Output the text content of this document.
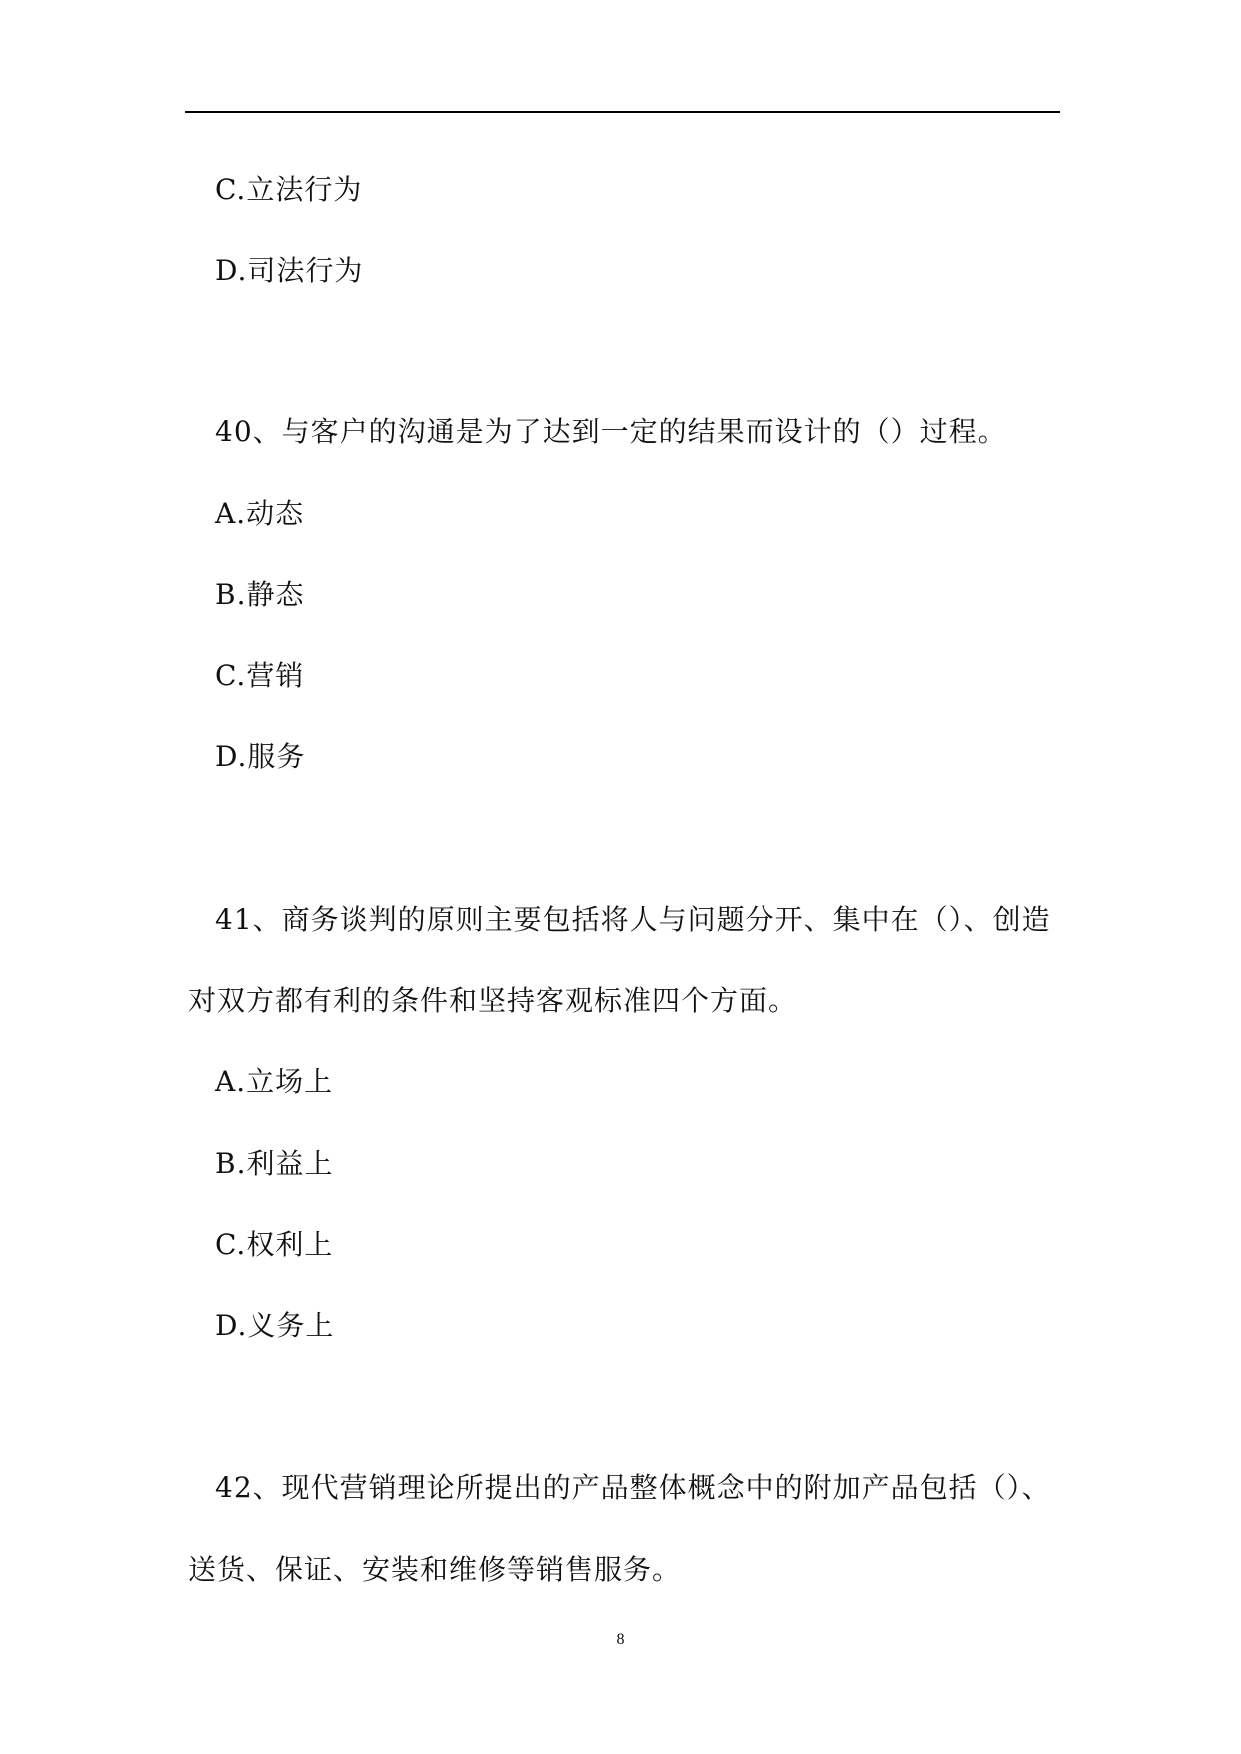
C.立法行为
D.司法行为
40、与客户的沟通是为了达到一定的结果而设计的（）过程。
A.动态
B.静态
C.营销
D.服务
41、商务谈判的原则主要包括将人与问题分开、集中在（）、创造
对双方都有利的条件和坚持客观标准四个方面。
A.立场上
B.利益上
C.权利上
D.义务上
42、现代营销理论所提出的产品整体概念中的附加产品包括（）、
送货、保证、安装和维修等销售服务。
8
